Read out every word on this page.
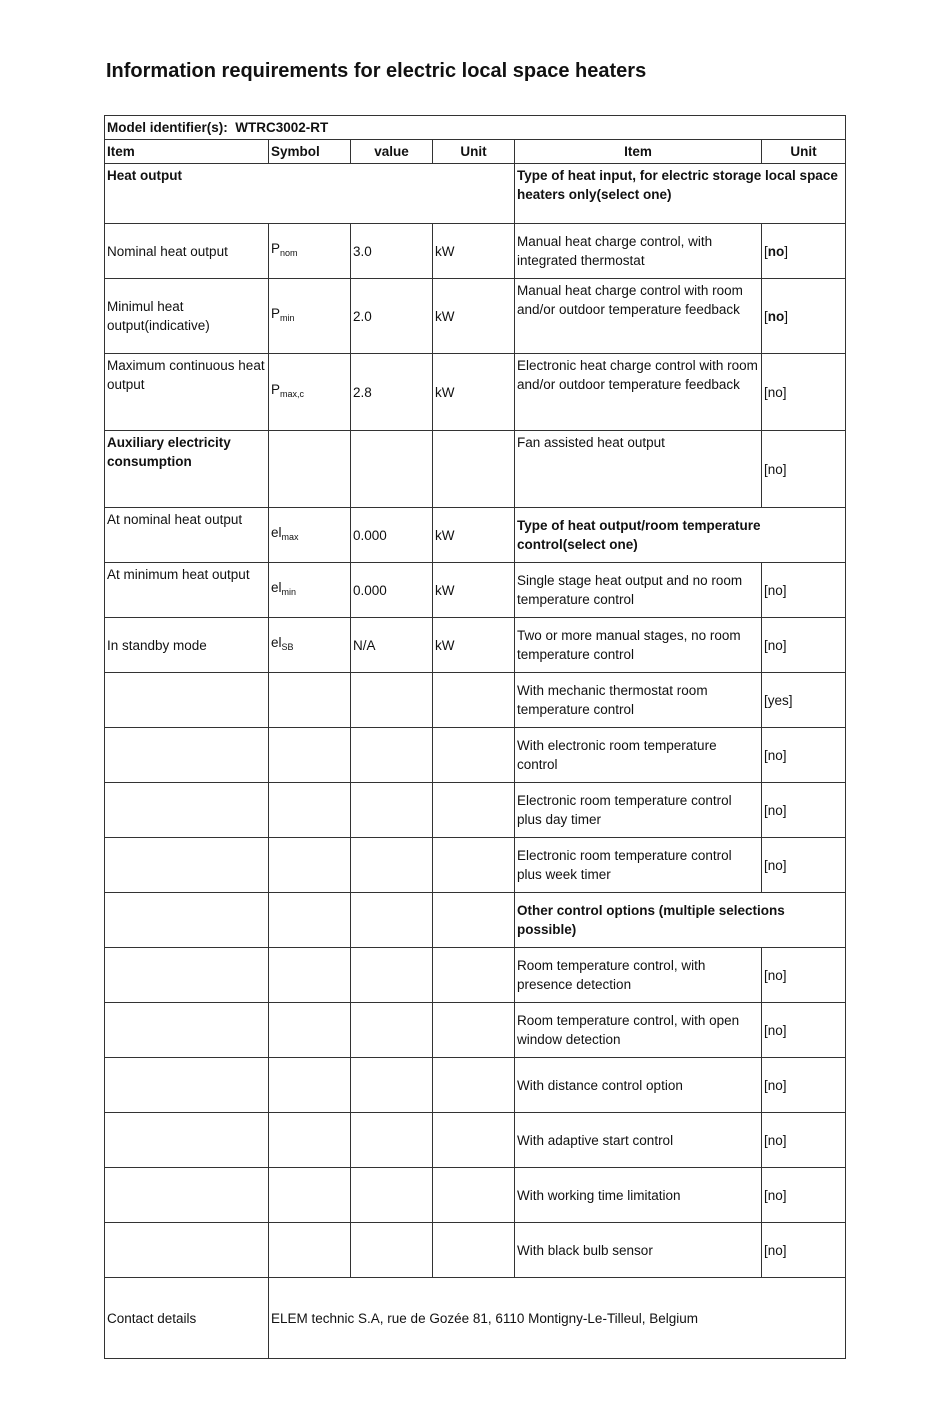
Information requirements for electric local space heaters
Model identifier(s): WTRC3002-RT					
Item	Symbol	value	Unit	Item	Unit
Heat output				Type of heat input, for electric storage local space heaters only(select one)	
Nominal heat output	$P_{nom}$	3.0	kW	Manual heat charge control, with integrated thermostat	[no]
Minimul heat output(indicative)	$P_{min}$	2.0	kW	Manual heat charge control with room and/or outdoor temperature feedback	[no]
Maximum continuous heat output	$P_{max,c}$	2.8	kW	Electronic heat charge control with room and/or outdoor temperature feedback	[no]
Auxiliary electricity consumption				Fan assisted heat output	[no]
At nominal heat output	$el_{max}$	0.000	kW	Type of heat output/room temperature control(select one)	
At minimum heat output	$el_{min}$	0.000	kW	Single stage heat output and no room temperature control	[no]
In standby mode	$el_{SB}$	N/A	kW	Two or more manual stages, no room temperature control	[no]
				With mechanic thermostat room temperature control	[yes]
				With electronic room temperature control	[no]
				Electronic room temperature control plus day timer	[no]
				Electronic room temperature control plus week timer	[no]
				Other control options (multiple selections possible)	
				Room temperature control, with presence detection	[no]
				Room temperature control, with open window detection	[no]
				With distance control option	[no]
				With adaptive start control	[no]
				With working time limitation	[no]
				With black bulb sensor	[no]
Contact details	ELEM technic S.A, rue de Gozée 81, 6110 Montigny-Le-Tilleul, Belgium				
